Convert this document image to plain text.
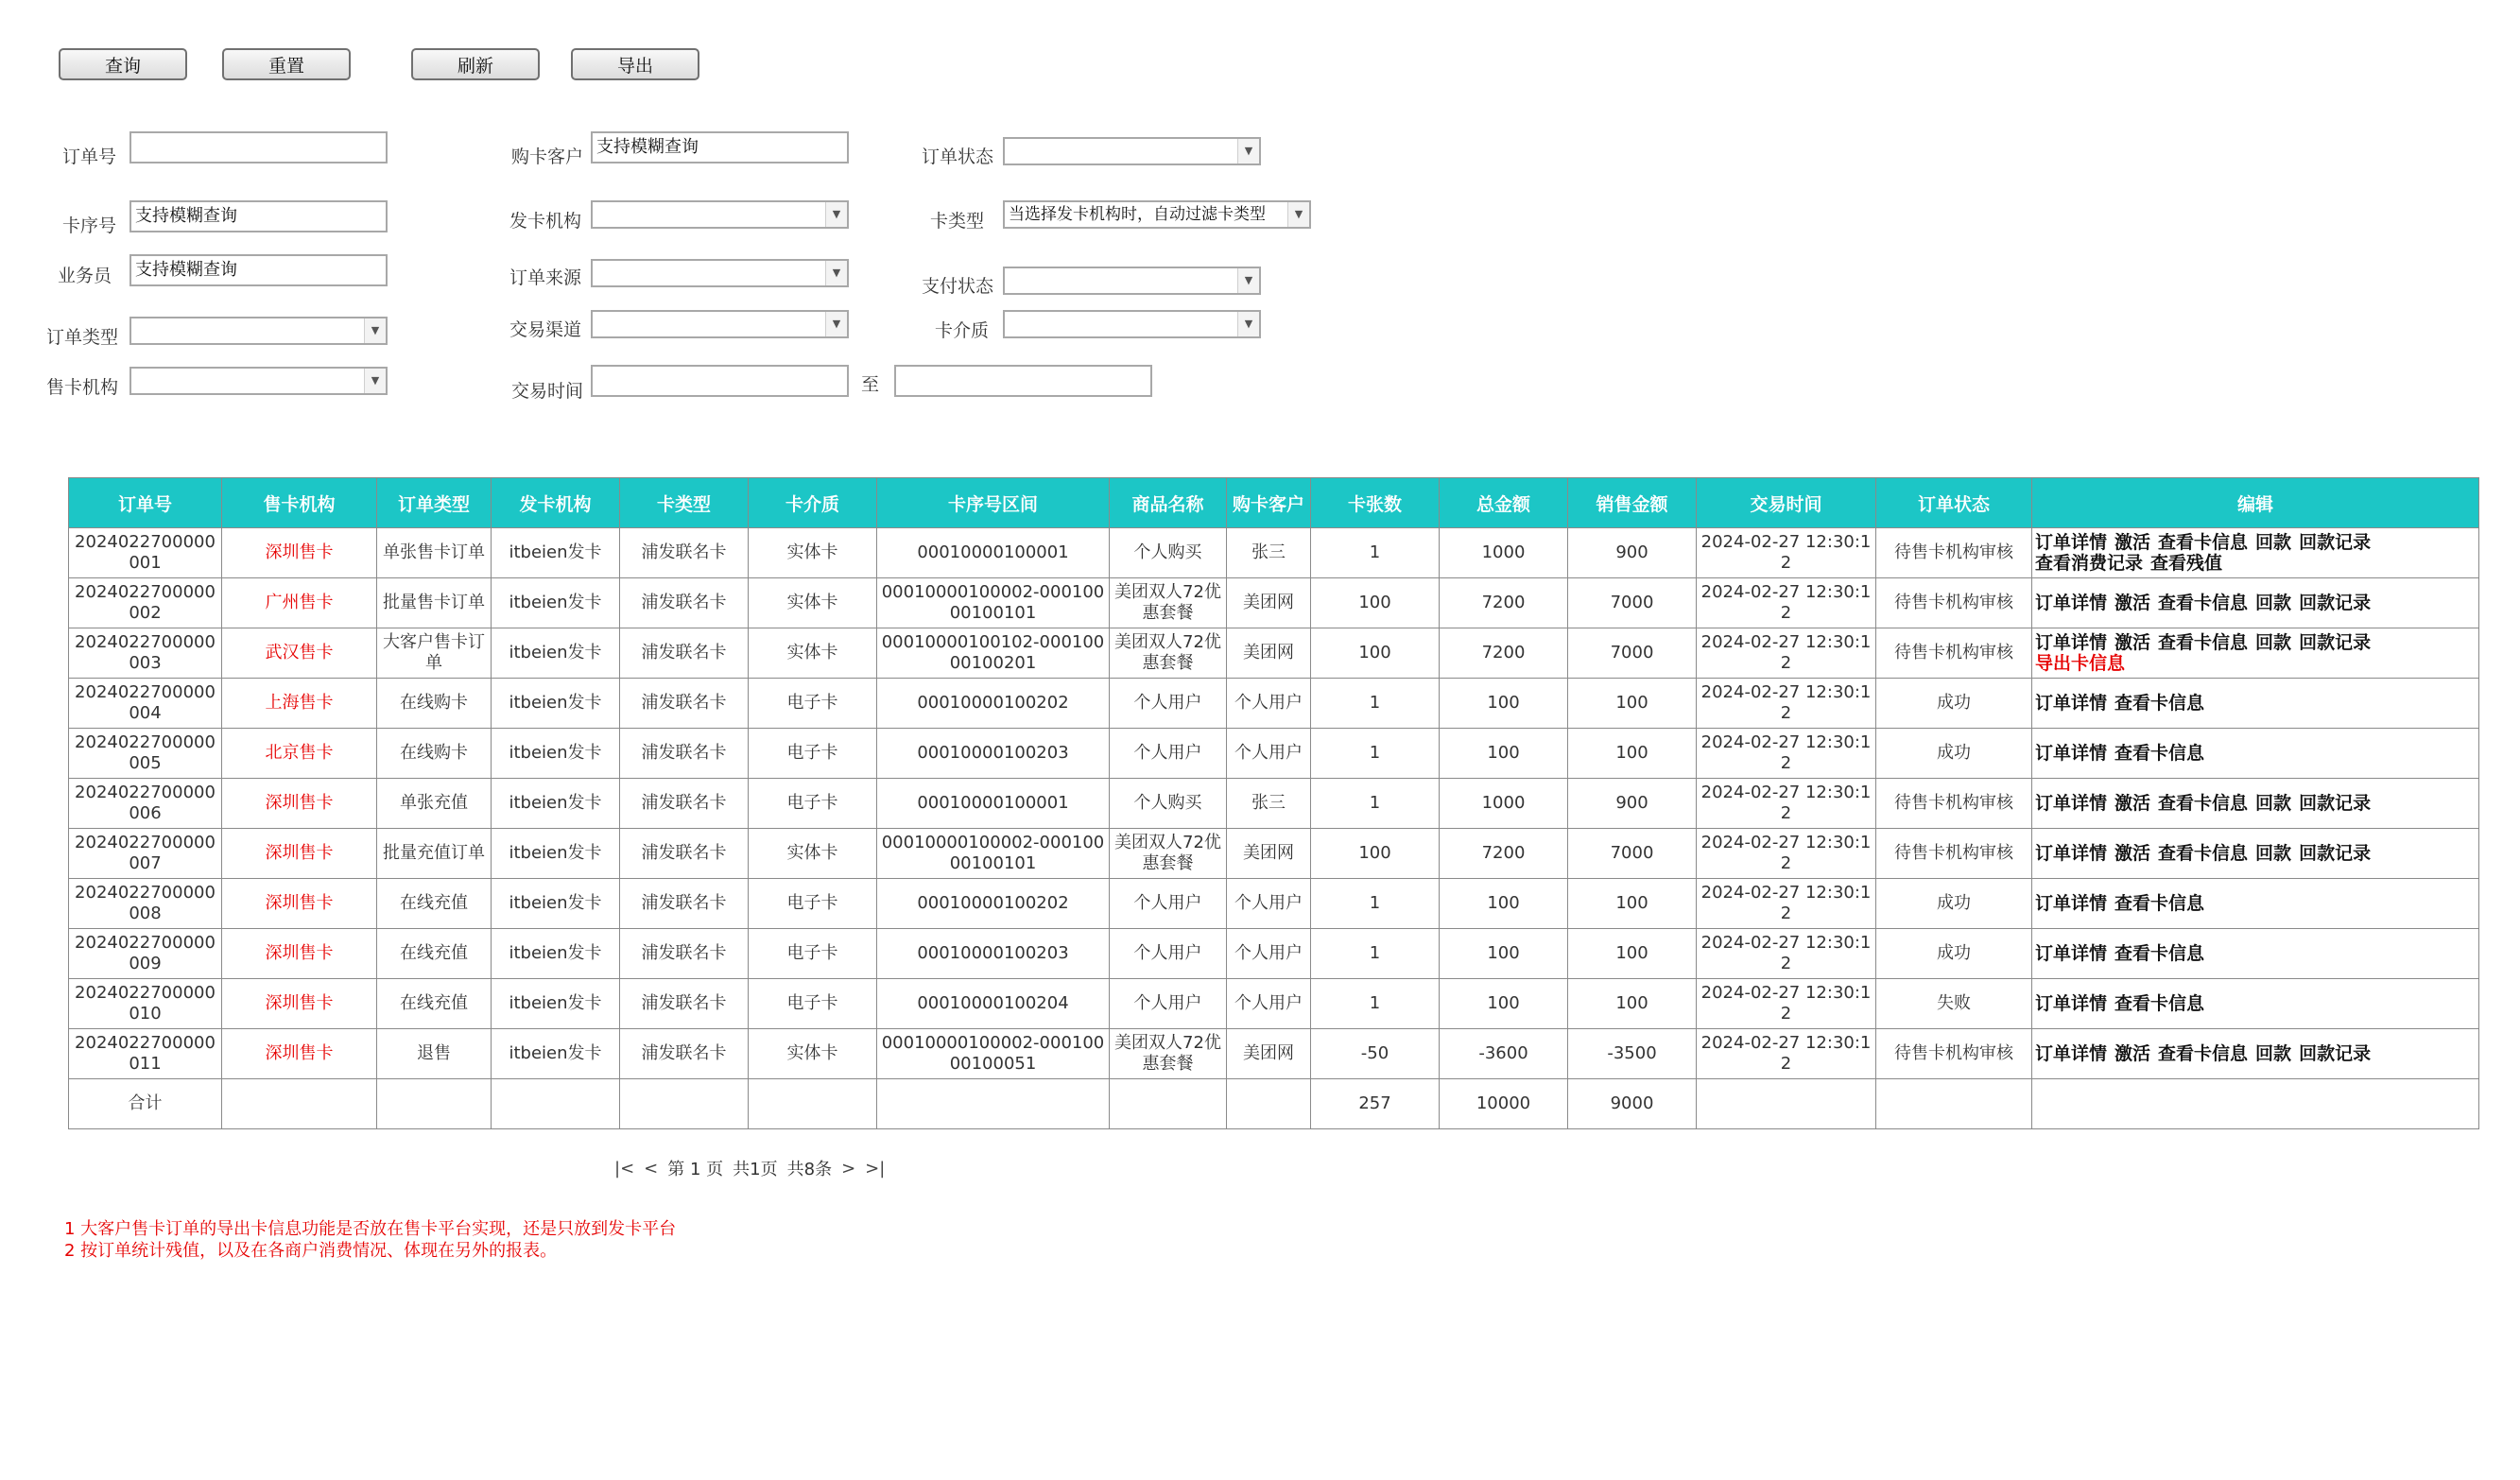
查询	重置	刷新	导出
订单号
卡序号	支持模糊查询
业务员	支持模糊查询
订单类型	▼
售卡机构	▼
购卡客户 支持模糊查询
发卡机构	▼
订单来源	▼
交易渠道	▼
交易时间	至
订单状态	▼
卡类型	当选择发卡机构时，自动过滤卡类型	▼
支付状态	▼
卡介质	▼
订单号	售卡机构	订单类型	发卡机构	卡类型	卡介质	卡序号区间	商品名称	购卡客户	卡张数	总金额	销售金额	交易时间	订单状态	编辑
2024022700000001	深圳售卡	单张售卡订单	itbeien发卡	浦发联名卡	实体卡	00010000100001	个人购买	张三	1	1000	900	2024-02-27 12:30:12	待售卡机构审核	订单详情 激活 查看卡信息 回款 回款记录查看消费记录 查看残值
2024022700000002	广州售卡	批量售卡订单	itbeien发卡	浦发联名卡	实体卡	00010000100002-00010000100101	美团双人72优惠套餐	美团网	100	7200	7000	2024-02-27 12:30:12	待售卡机构审核	订单详情 激活 查看卡信息 回款 回款记录
2024022700000003	武汉售卡	大客户售卡订单	itbeien发卡	浦发联名卡	实体卡	00010000100102-00010000100201	美团双人72优惠套餐	美团网	100	7200	7000	2024-02-27 12:30:12	待售卡机构审核	订单详情 激活 查看卡信息 回款 回款记录导出卡信息
2024022700000004	上海售卡	在线购卡	itbeien发卡	浦发联名卡	电子卡	00010000100202	个人用户	个人用户	1	100	100	2024-02-27 12:30:12	成功	订单详情 查看卡信息
2024022700000005	北京售卡	在线购卡	itbeien发卡	浦发联名卡	电子卡	00010000100203	个人用户	个人用户	1	100	100	2024-02-27 12:30:12	成功	订单详情 查看卡信息
2024022700000006	深圳售卡	单张充值	itbeien发卡	浦发联名卡	电子卡	00010000100001	个人购买	张三	1	1000	900	2024-02-27 12:30:12	待售卡机构审核	订单详情 激活 查看卡信息 回款 回款记录
2024022700000007	深圳售卡	批量充值订单	itbeien发卡	浦发联名卡	实体卡	00010000100002-00010000100101	美团双人72优惠套餐	美团网	100	7200	7000	2024-02-27 12:30:12	待售卡机构审核	订单详情 激活 查看卡信息 回款 回款记录
2024022700000008	深圳售卡	在线充值	itbeien发卡	浦发联名卡	电子卡	00010000100202	个人用户	个人用户	1	100	100	2024-02-27 12:30:12	成功	订单详情 查看卡信息
2024022700000009	深圳售卡	在线充值	itbeien发卡	浦发联名卡	电子卡	00010000100203	个人用户	个人用户	1	100	100	2024-02-27 12:30:12	成功	订单详情 查看卡信息
2024022700000010	深圳售卡	在线充值	itbeien发卡	浦发联名卡	电子卡	00010000100204	个人用户	个人用户	1	100	100	2024-02-27 12:30:12	失败	订单详情 查看卡信息
2024022700000011	深圳售卡	退售	itbeien发卡	浦发联名卡	实体卡	00010000100002-00010000100051	美团双人72优惠套餐	美团网	-50	-3600	-3500	2024-02-27 12:30:12	待售卡机构审核	订单详情 激活 查看卡信息 回款 回款记录
合计									257	10000	9000			
|< < 第 1 页 共1页 共8条 > >|
1 大客户售卡订单的导出卡信息功能是否放在售卡平台实现，还是只放到发卡平台
2 按订单统计残值，以及在各商户消费情况、体现在另外的报表。
